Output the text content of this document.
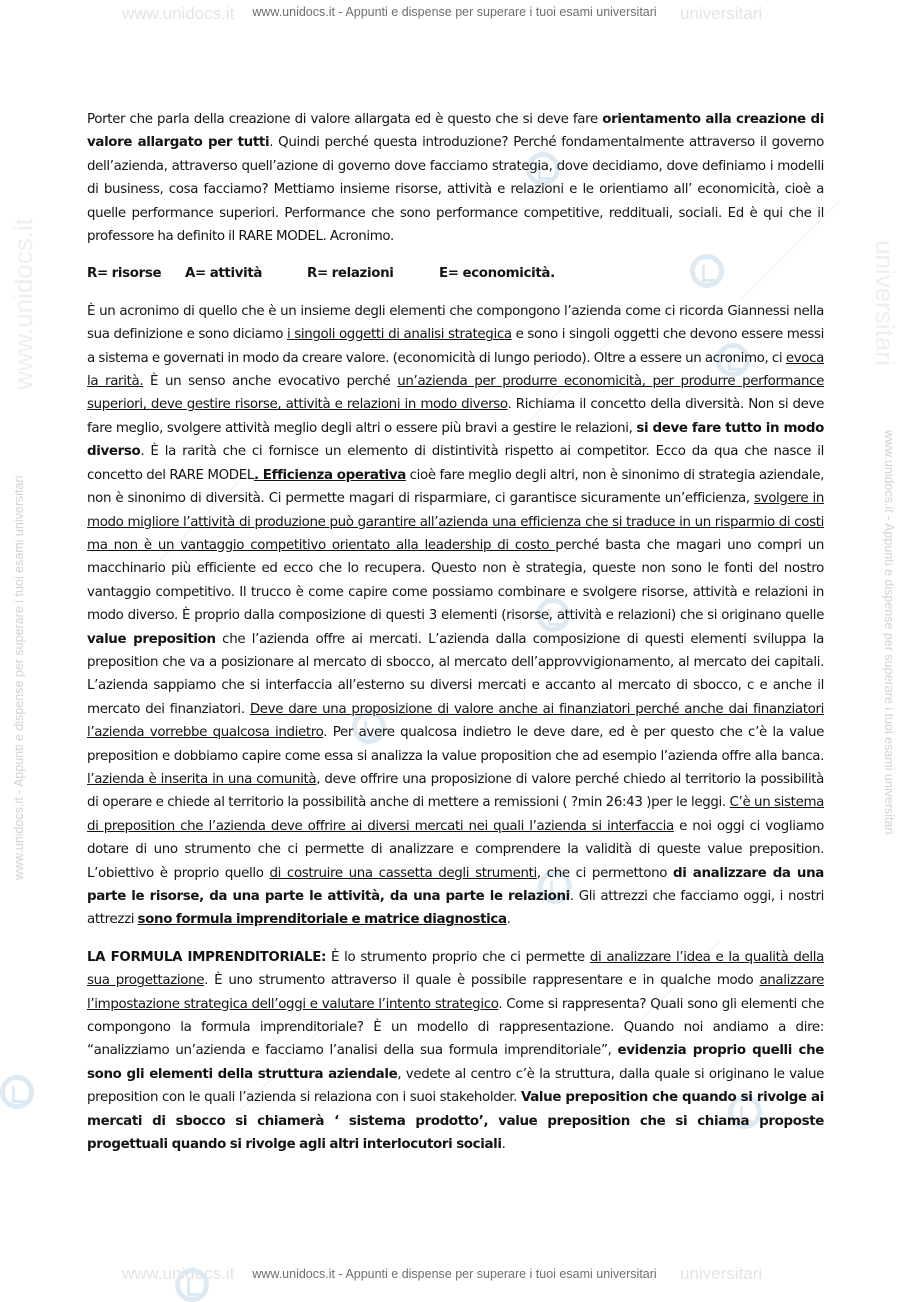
www.unidocs.it	universitari
www.unidocs.it - Appunti e dispense per superare i tuoi esami universitari
www.unidocs.it	universitari
www.unidocs.it - Appunti e dispense per superare i tuoi esami universitari
www.unidocs.it - Appunti e dispense per superare i tuoi esami universitari	www.unidocs.it - Appunti e dispense per superare i tuoi esami universitari
www.unidocs.it	universitari

Porter che parla della creazione di valore allargata ed è questo che si deve fare orientamento alla creazione di valore allargato per tutti. Quindi perché questa introduzione? Perché fondamentalmente attraverso il governo dell’azienda, attraverso quell’azione di governo dove facciamo strategia, dove decidiamo, dove definiamo i modelli di business, cosa facciamo? Mettiamo insieme risorse, attività e relazioni e le orientiamo all’ economicità, cioè a quelle performance superiori. Performance che sono performance competitive, reddituali, sociali. Ed è qui che il professore ha definito il RARE MODEL. Acronimo.

R= risorse A= attività	R= relazioni	E= economicità.

È un acronimo di quello che è un insieme degli elementi che compongono l’azienda come ci ricorda Giannessi nella sua definizione e sono diciamo i singoli oggetti di analisi strategica e sono i singoli oggetti che devono essere messi a sistema e governati in modo da creare valore. (economicità di lungo periodo). Oltre a essere un acronimo, ci evoca la rarità. È un senso anche evocativo perché un’azienda per produrre economicità, per produrre performance superiori, deve gestire risorse, attività e relazioni in modo diverso. Richiama il concetto della diversità. Non si deve fare meglio, svolgere attività meglio degli altri o essere più bravi a gestire le relazioni, si deve fare tutto in modo diverso. È la rarità che ci fornisce un elemento di distintività rispetto ai competitor. Ecco da qua che nasce il concetto del RARE MODEL. Efficienza operativa cioè fare meglio degli altri, non è sinonimo di strategia aziendale, non è sinonimo di diversità. Ci permette magari di risparmiare, ci garantisce sicuramente un’efficienza, svolgere in modo migliore l’attività di produzione può garantire all’azienda una efficienza che si traduce in un risparmio di costi ma non è un vantaggio competitivo orientato alla leadership di costo perché basta che magari uno compri un macchinario più efficiente ed ecco che lo recupera. Questo non è strategia, queste non sono le fonti del nostro vantaggio competitivo. Il trucco è come capire come possiamo combinare e svolgere risorse, attività e relazioni in modo diverso. È proprio dalla composizione di questi 3 elementi (risorse, attività e relazioni) che si originano quelle value preposition che l’azienda offre ai mercati. L’azienda dalla composizione di questi elementi sviluppa la preposition che va a posizionare al mercato di sbocco, al mercato dell’approvvigionamento, al mercato dei capitali. L’azienda sappiamo che si interfaccia all’esterno su diversi mercati e accanto al mercato di sbocco, c e anche il mercato dei finanziatori. Deve dare una proposizione di valore anche ai finanziatori perché anche dai finanziatori l’azienda vorrebbe qualcosa indietro. Per avere qualcosa indietro le deve dare, ed è per questo che c’è la value preposition e dobbiamo capire come essa si analizza la value proposition che ad esempio l’azienda offre alla banca. l’azienda è inserita in una comunità, deve offrire una proposizione di valore perché chiedo al territorio la possibilità di operare e chiede al territorio la possibilità anche di mettere a remissioni ( ?min 26:43 )per le leggi. C’è un sistema di preposition che l’azienda deve offrire ai diversi mercati nei quali l’azienda si interfaccia e noi oggi ci vogliamo dotare di uno strumento che ci permette di analizzare e comprendere la validità di queste value preposition. L’obiettivo è proprio quello di costruire una cassetta degli strumenti, che ci permettono di analizzare da una parte le risorse, da una parte le attività, da una parte le relazioni. Gli attrezzi che facciamo oggi, i nostri attrezzi sono formula imprenditoriale e matrice diagnostica.

LA FORMULA IMPRENDITORIALE: È lo strumento proprio che ci permette di analizzare l’idea e la qualità della sua progettazione. È uno strumento attraverso il quale è possibile rappresentare e in qualche modo analizzare l’impostazione strategica dell’oggi e valutare l’intento strategico. Come si rappresenta? Quali sono gli elementi che compongono la formula imprenditoriale? È un modello di rappresentazione. Quando noi andiamo a dire: “analizziamo un’azienda e facciamo l’analisi della sua formula imprenditoriale”, evidenzia proprio quelli che sono gli elementi della struttura aziendale, vedete al centro c’è la struttura, dalla quale si originano le value preposition con le quali l’azienda si relaziona con i suoi stakeholder. Value preposition che quando si rivolge ai mercati di sbocco si chiamerà ‘ sistema prodotto’, value preposition che si chiama proposte progettuali quando si rivolge agli altri interlocutori sociali.
